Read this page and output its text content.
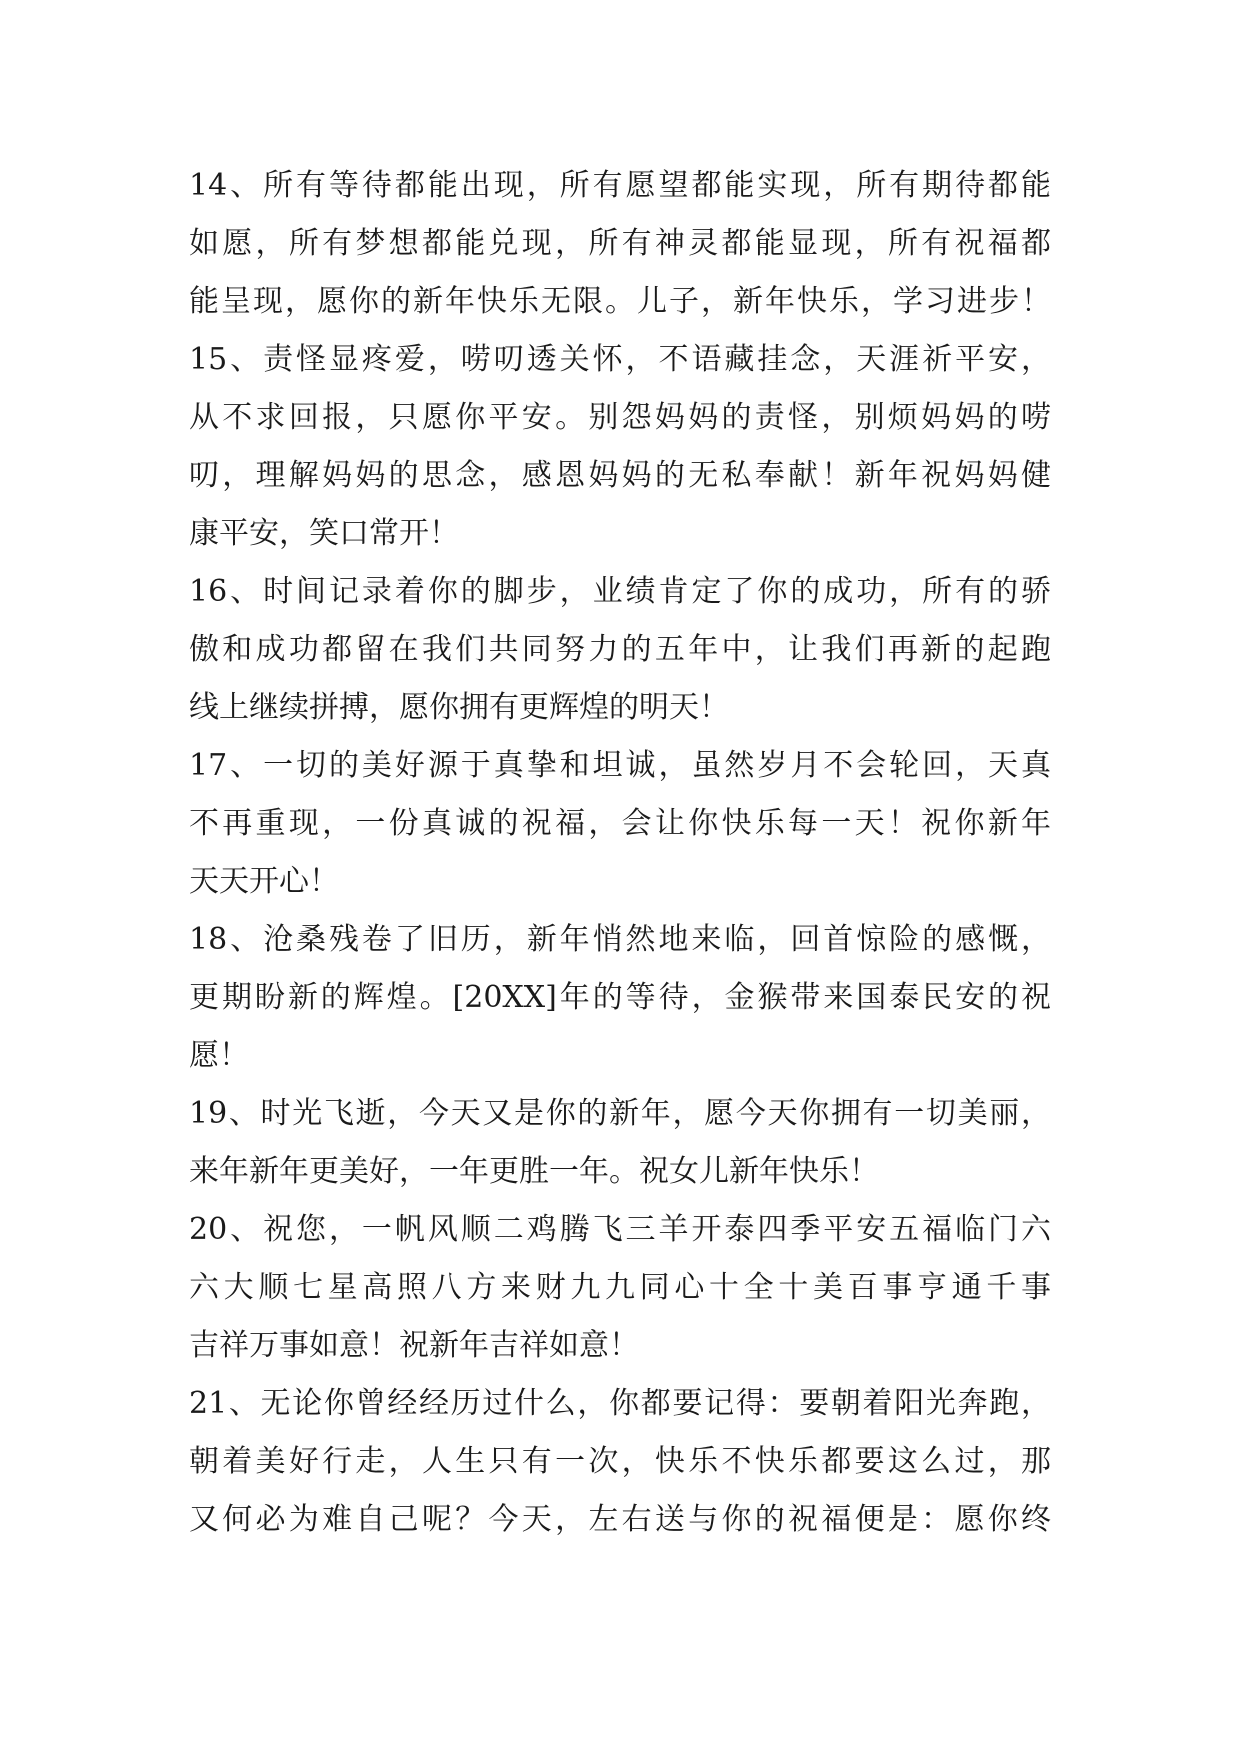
14、所有等待都能出现，所有愿望都能实现，所有期待都能
如愿，所有梦想都能兑现，所有神灵都能显现，所有祝福都
能呈现，愿你的新年快乐无限。儿子，新年快乐，学习进步！
15、责怪显疼爱，唠叨透关怀，不语藏挂念，天涯祈平安，
从不求回报，只愿你平安。别怨妈妈的责怪，别烦妈妈的唠
叨，理解妈妈的思念，感恩妈妈的无私奉献！新年祝妈妈健
康平安，笑口常开！
16、时间记录着你的脚步，业绩肯定了你的成功，所有的骄
傲和成功都留在我们共同努力的五年中，让我们再新的起跑
线上继续拼搏，愿你拥有更辉煌的明天！
17、一切的美好源于真挚和坦诚，虽然岁月不会轮回，天真
不再重现，一份真诚的祝福，会让你快乐每一天！祝你新年
天天开心！
18、沧桑残卷了旧历，新年悄然地来临，回首惊险的感慨，
更期盼新的辉煌。[20XX]年的等待，金猴带来国泰民安的祝
愿！
19、时光飞逝，今天又是你的新年，愿今天你拥有一切美丽，
来年新年更美好，一年更胜一年。祝女儿新年快乐！
20、祝您，一帆风顺二鸡腾飞三羊开泰四季平安五福临门六
六大顺七星高照八方来财九九同心十全十美百事亨通千事
吉祥万事如意！祝新年吉祥如意！
21、无论你曾经经历过什么，你都要记得：要朝着阳光奔跑，
朝着美好行走，人生只有一次，快乐不快乐都要这么过，那
又何必为难自己呢？今天，左右送与你的祝福便是：愿你终
